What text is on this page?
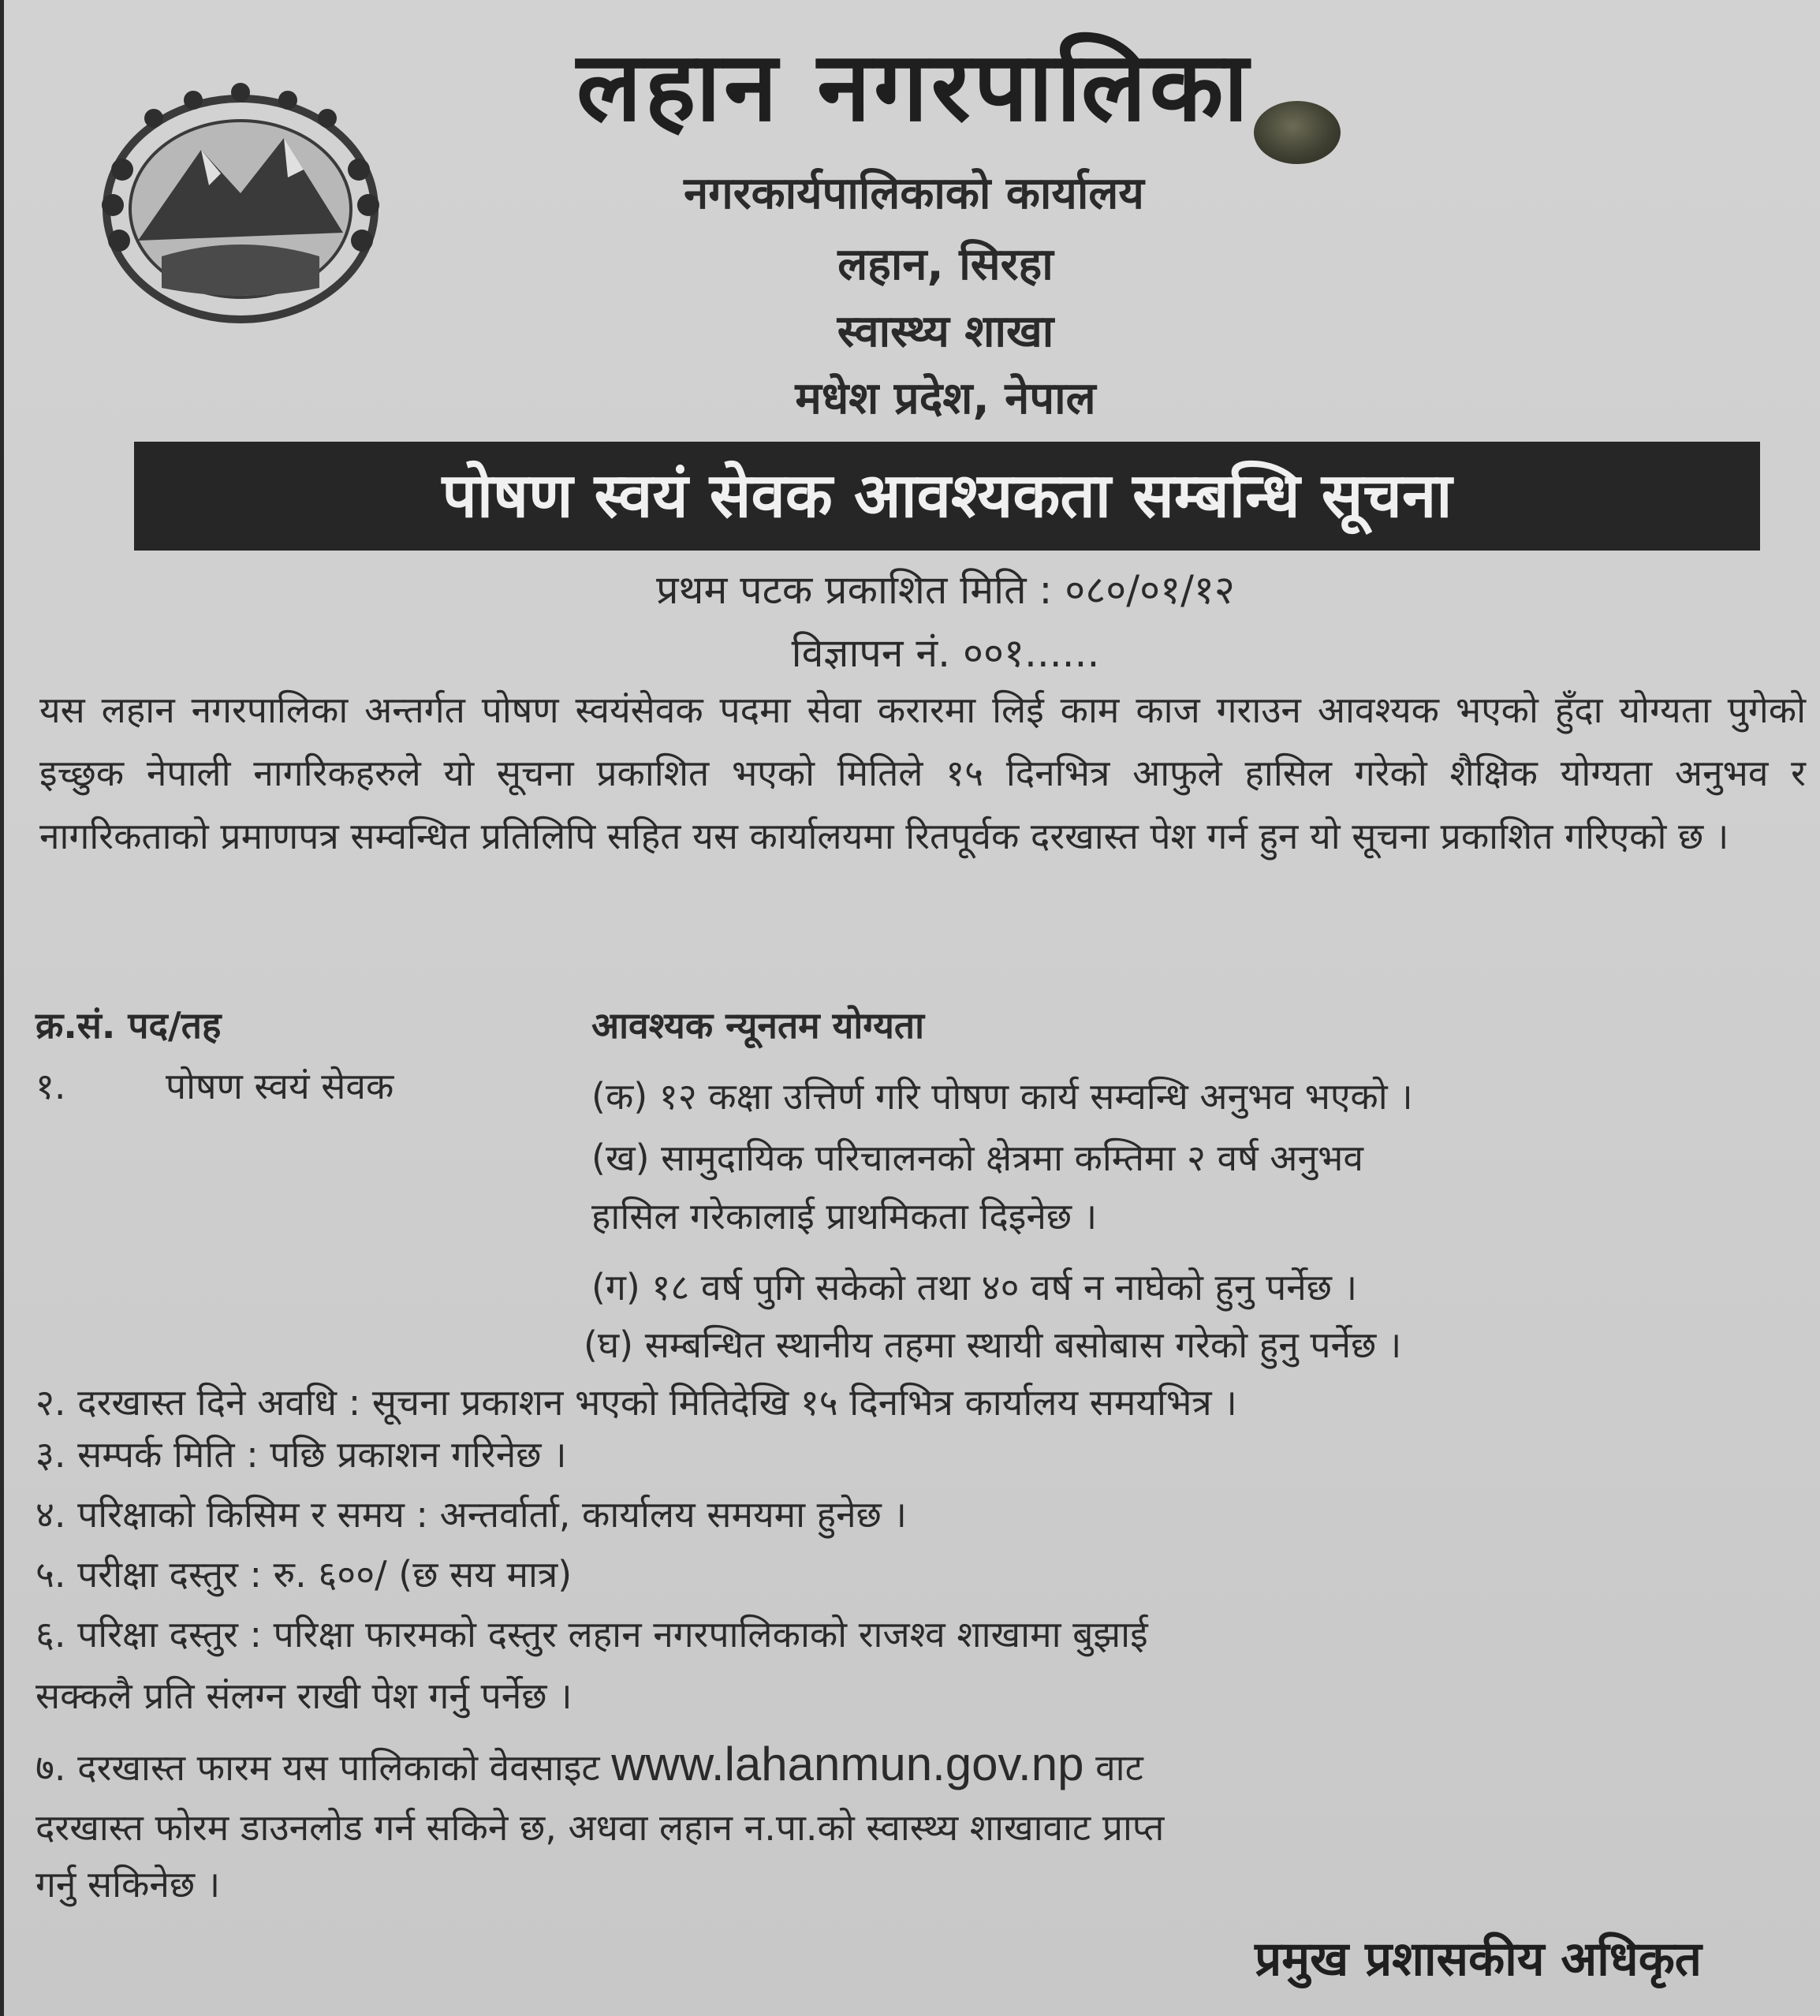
लहान नगरपालिका
नगरकार्यपालिकाको कार्यालय
लहान, सिरहा
स्वास्थ्य शाखा
मधेश प्रदेश, नेपाल
पोषण स्वयं सेवक आवश्यकता सम्बन्धि सूचना
प्रथम पटक प्रकाशित मिति : ०८०/०१/१२
विज्ञापन नं. ००१......
यस लहान नगरपालिका अन्तर्गत पोषण स्वयंसेवक पदमा सेवा करारमा लिई काम काज गराउन आवश्यक भएको हुँदा योग्यता पुगेको इच्छुक नेपाली नागरिकहरुले यो सूचना प्रकाशित भएको मितिले १५ दिनभित्र आफुले हासिल गरेको शैक्षिक योग्यता अनुभव र नागरिकताको प्रमाणपत्र सम्वन्धित प्रतिलिपि सहित यस कार्यालयमा रितपूर्वक दरखास्त पेश गर्न हुन यो सूचना प्रकाशित गरिएको छ ।
क्र.सं. पद/तह	आवश्यक न्यूनतम योग्यता
१.	पोषण स्वयं सेवक	(क) १२ कक्षा उत्तिर्ण गरि पोषण कार्य सम्वन्धि अनुभव भएको ।
(ख) सामुदायिक परिचालनको क्षेत्रमा कम्तिमा २ वर्ष अनुभव
हासिल गरेकालाई प्राथमिकता दिइनेछ ।
(ग) १८ वर्ष पुगि सकेको तथा ४० वर्ष न नाघेको हुनु पर्नेछ ।
(घ) सम्बन्धित स्थानीय तहमा स्थायी बसोबास गरेको हुनु पर्नेछ ।
२. दरखास्त दिने अवधि : सूचना प्रकाशन भएको मितिदेखि १५ दिनभित्र कार्यालय समयभित्र ।
३. सम्पर्क मिति : पछि प्रकाशन गरिनेछ ।
४. परिक्षाको किसिम र समय : अन्तर्वार्ता, कार्यालय समयमा हुनेछ ।
५. परीक्षा दस्तुर : रु. ६००/ (छ सय मात्र)
६. परिक्षा दस्तुर : परिक्षा फारमको दस्तुर लहान नगरपालिकाको राजश्व शाखामा बुझाई
सक्कलै प्रति संलग्न राखी पेश गर्नु पर्नेछ ।
७. दरखास्त फारम यस पालिकाको वेवसाइट www.lahanmun.gov.np वाट
दरखास्त फोरम डाउनलोड गर्न सकिने छ, अधवा लहान न.पा.को स्वास्थ्य शाखावाट प्राप्त
गर्नु सकिनेछ ।
प्रमुख प्रशासकीय अधिकृत
